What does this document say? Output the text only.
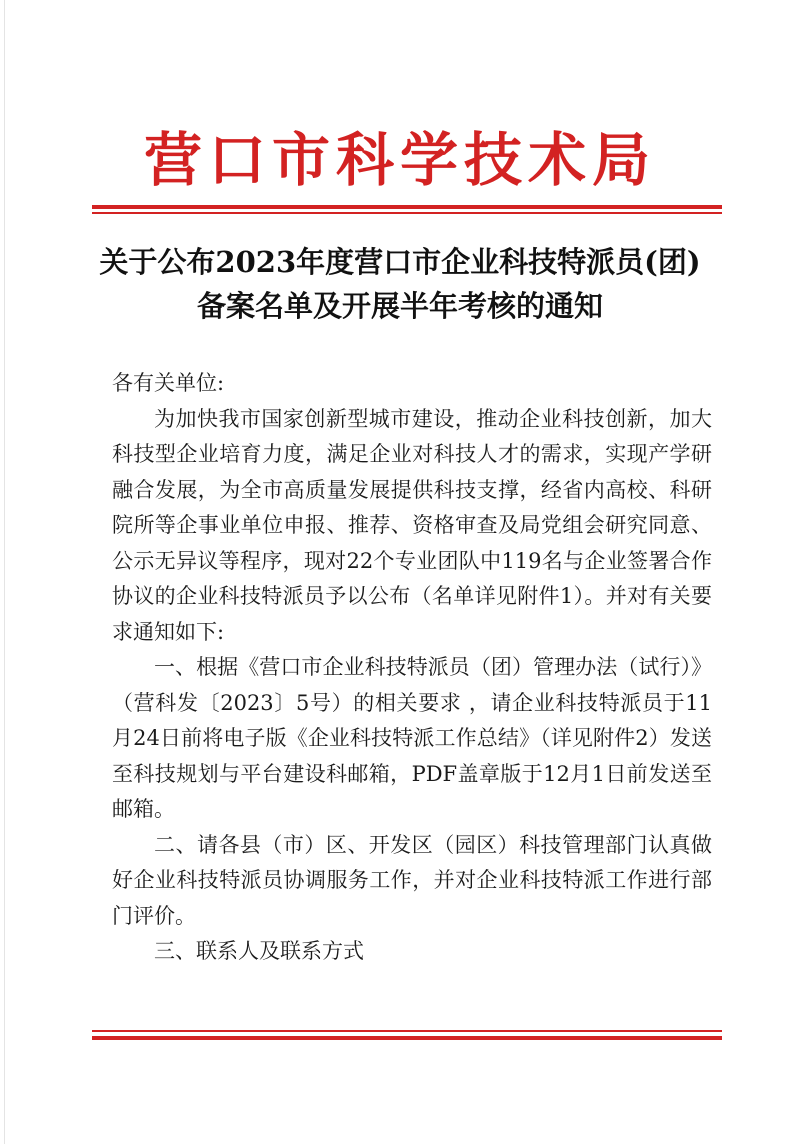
营口市科学技术局
关于公布2023年度营口市企业科技特派员(团)
备案名单及开展半年考核的通知

各有关单位:

为加快我市国家创新型城市建设，推动企业科技创新，加大科技型企业培育力度，满足企业对科技人才的需求，实现产学研融合发展，为全市高质量发展提供科技支撑，经省内高校、科研院所等企事业单位申报、推荐、资格审查及局党组会研究同意、公示无异议等程序，现对22个专业团队中119名与企业签署合作协议的企业科技特派员予以公布（名单详见附件1）。并对有关要求通知如下:

一、根据《营口市企业科技特派员（团）管理办法（试行）》（营科发〔2023〕5号）的相关要求 ，请企业科技特派员于11月24日前将电子版《企业科技特派工作总结》（详见附件2）发送至科技规划与平台建设科邮箱，PDF盖章版于12月1日前发送至邮箱。

二、请各县（市）区、开发区（园区）科技管理部门认真做好企业科技特派员协调服务工作，并对企业科技特派工作进行部门评价。

三、联系人及联系方式
